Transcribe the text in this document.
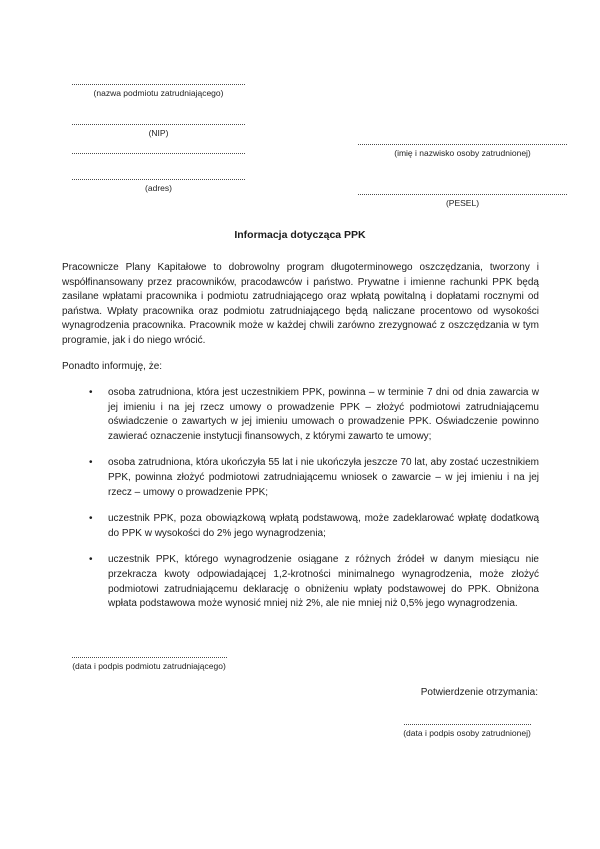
(nazwa podmiotu zatrudniającego)
(NIP)
(adres)
(imię i nazwisko osoby zatrudnionej)
(PESEL)
Informacja dotycząca PPK
Pracownicze Plany Kapitałowe to dobrowolny program długoterminowego oszczędzania, tworzony i współfinansowany przez pracowników, pracodawców i państwo. Prywatne i imienne rachunki PPK będą zasilane wpłatami pracownika i podmiotu zatrudniającego oraz wpłatą powitalną i dopłatami rocznymi od państwa. Wpłaty pracownika oraz podmiotu zatrudniającego będą naliczane procentowo od wysokości wynagrodzenia pracownika. Pracownik może w każdej chwili zarówno zrezygnować z oszczędzania w tym programie, jak i do niego wrócić.
Ponadto informuję, że:
• osoba zatrudniona, która jest uczestnikiem PPK, powinna – w terminie 7 dni od dnia zawarcia w jej imieniu i na jej rzecz umowy o prowadzenie PPK – złożyć podmiotowi zatrudniającemu oświadczenie o zawartych w jej imieniu umowach o prowadzenie PPK. Oświadczenie powinno zawierać oznaczenie instytucji finansowych, z którymi zawarto te umowy;
• osoba zatrudniona, która ukończyła 55 lat i nie ukończyła jeszcze 70 lat, aby zostać uczestnikiem PPK, powinna złożyć podmiotowi zatrudniającemu wniosek o zawarcie – w jej imieniu i na jej rzecz – umowy o prowadzenie PPK;
• uczestnik PPK, poza obowiązkową wpłatą podstawową, może zadeklarować wpłatę dodatkową do PPK w wysokości do 2% jego wynagrodzenia;
• uczestnik PPK, którego wynagrodzenie osiągane z różnych źródeł w danym miesiącu nie przekracza kwoty odpowiadającej 1,2-krotności minimalnego wynagrodzenia, może złożyć podmiotowi zatrudniającemu deklarację o obniżeniu wpłaty podstawowej do PPK. Obniżona wpłata podstawowa może wynosić mniej niż 2%, ale nie mniej niż 0,5% jego wynagrodzenia.
(data i podpis podmiotu zatrudniającego)
Potwierdzenie otrzymania:
(data i podpis osoby zatrudnionej)
